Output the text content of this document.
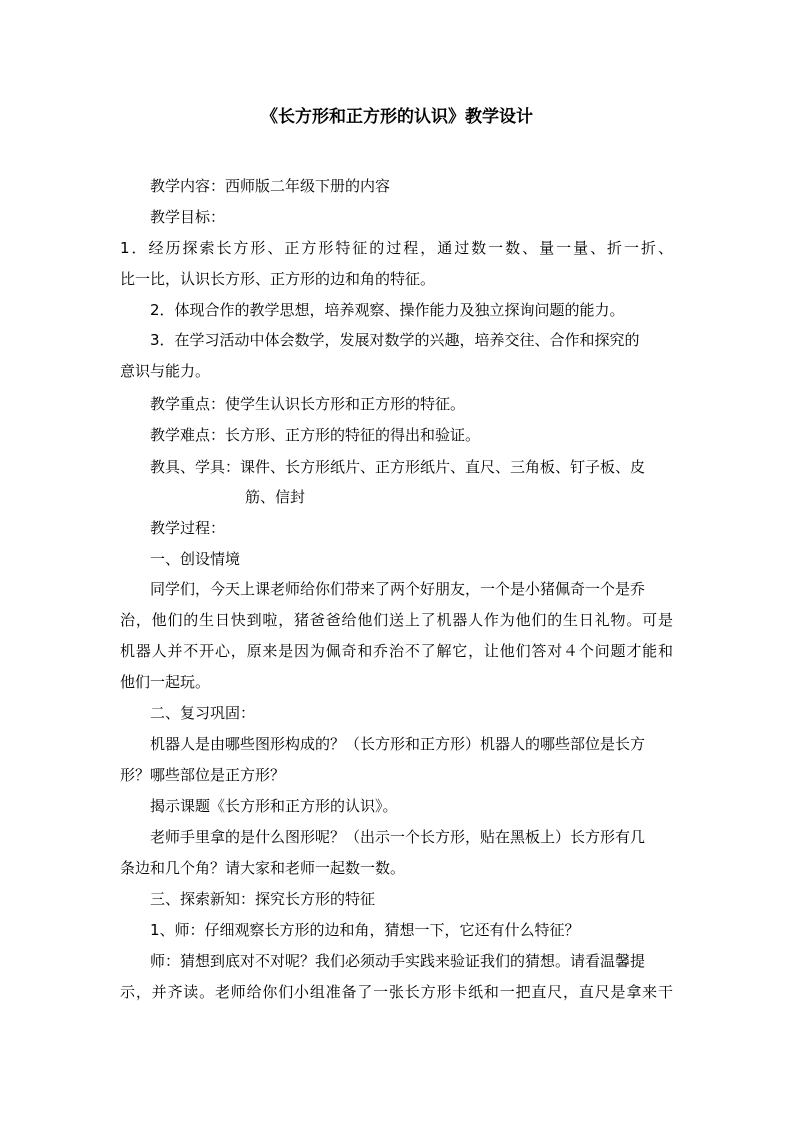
《长方形和正方形的认识》教学设计
教学内容：西师版二年级下册的内容
教学目标：
1．经历探索长方形、正方形特征的过程，通过数一数、量一量、折一折、
比一比，认识长方形、正方形的边和角的特征。
2．体现合作的教学思想，培养观察、操作能力及独立探询问题的能力。
3．在学习活动中体会数学，发展对数学的兴趣，培养交往、合作和探究的
意识与能力。
教学重点：使学生认识长方形和正方形的特征。
教学难点：长方形、正方形的特征的得出和验证。
教具、学具：课件、长方形纸片、正方形纸片、直尺、三角板、钉子板、皮
筋、信封
教学过程：
一、创设情境
同学们，今天上课老师给你们带来了两个好朋友，一个是小猪佩奇一个是乔
治，他们的生日快到啦，猪爸爸给他们送上了机器人作为他们的生日礼物。可是
机器人并不开心，原来是因为佩奇和乔治不了解它，让他们答对４个问题才能和
他们一起玩。
二、复习巩固：
机器人是由哪些图形构成的？（长方形和正方形）机器人的哪些部位是长方
形？哪些部位是正方形？
揭示课题《长方形和正方形的认识》。
老师手里拿的是什么图形呢？（出示一个长方形，贴在黑板上）长方形有几
条边和几个角？请大家和老师一起数一数。
三、探索新知：探究长方形的特征
1、师：仔细观察长方形的边和角，猜想一下，它还有什么特征？
师：猜想到底对不对呢？我们必须动手实践来验证我们的猜想。请看温馨提
示，并齐读。老师给你们小组准备了一张长方形卡纸和一把直尺，直尺是拿来干
